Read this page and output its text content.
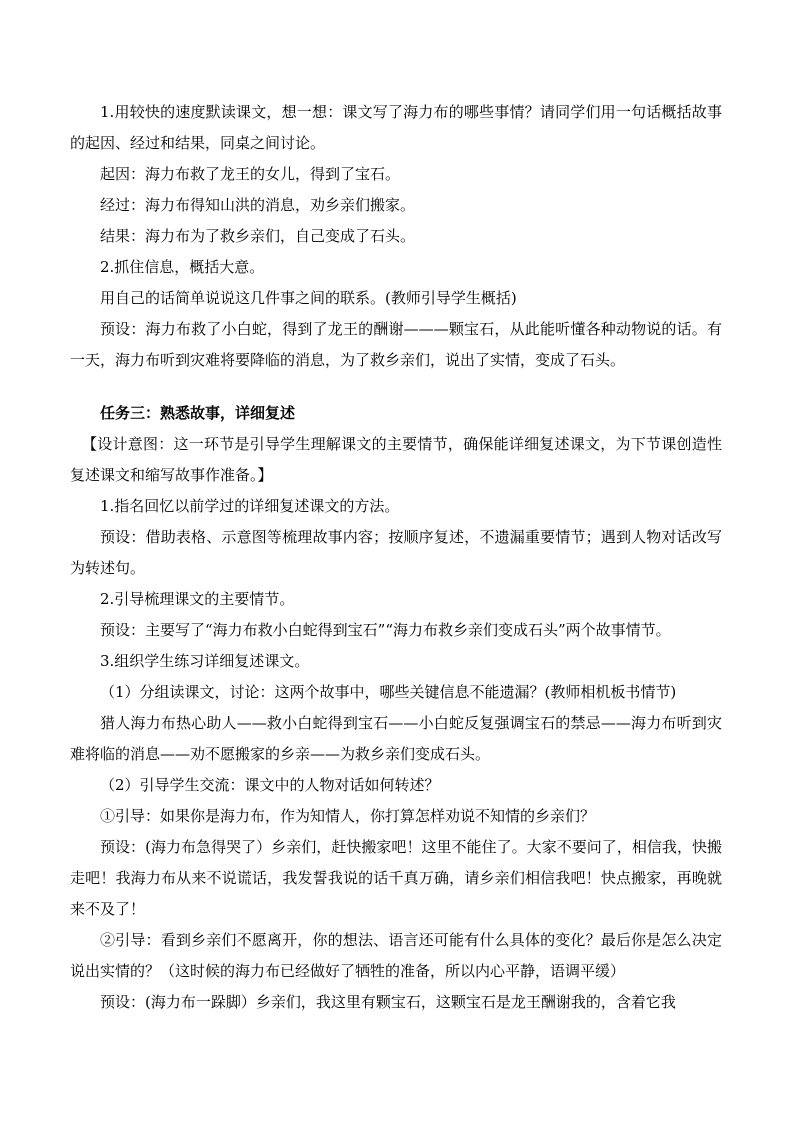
1.用较快的速度默读课文，想一想：课文写了海力布的哪些事情？请同学们用一句话概括故事的起因、经过和结果，同桌之间讨论。

起因：海力布救了龙王的女儿，得到了宝石。

经过：海力布得知山洪的消息，劝乡亲们搬家。

结果：海力布为了救乡亲们，自己变成了石头。

2.抓住信息，概括大意。

用自己的话简单说说这几件事之间的联系。(教师引导学生概括)

预设：海力布救了小白蛇，得到了龙王的酬谢———颗宝石，从此能听懂各种动物说的话。有一天，海力布听到灾难将要降临的消息，为了救乡亲们，说出了实情，变成了石头。

任务三：熟悉故事，详细复述

【设计意图：这一环节是引导学生理解课文的主要情节，确保能详细复述课文，为下节课创造性复述课文和缩写故事作准备。】

1.指名回忆以前学过的详细复述课文的方法。

预设：借助表格、示意图等梳理故事内容；按顺序复述，不遗漏重要情节；遇到人物对话改写为转述句。

2.引导梳理课文的主要情节。

预设：主要写了“海力布救小白蛇得到宝石”“海力布救乡亲们变成石头”两个故事情节。

3.组织学生练习详细复述课文。

（1）分组读课文，讨论：这两个故事中，哪些关键信息不能遗漏？(教师相机板书情节)

猎人海力布热心助人——救小白蛇得到宝石——小白蛇反复强调宝石的禁忌——海力布听到灾难将临的消息——劝不愿搬家的乡亲——为救乡亲们变成石头。

（2）引导学生交流：课文中的人物对话如何转述？

①引导：如果你是海力布，作为知情人，你打算怎样劝说不知情的乡亲们？

预设：(海力布急得哭了）乡亲们，赶快搬家吧！这里不能住了。大家不要问了，相信我，快搬走吧！我海力布从来不说谎话，我发誓我说的话千真万确，请乡亲们相信我吧！快点搬家，再晚就来不及了！

②引导：看到乡亲们不愿离开，你的想法、语言还可能有什么具体的变化？最后你是怎么决定说出实情的？（这时候的海力布已经做好了牺牲的准备，所以内心平静，语调平缓）

预设：(海力布一跺脚）乡亲们，我这里有颗宝石，这颗宝石是龙王酬谢我的，含着它我
